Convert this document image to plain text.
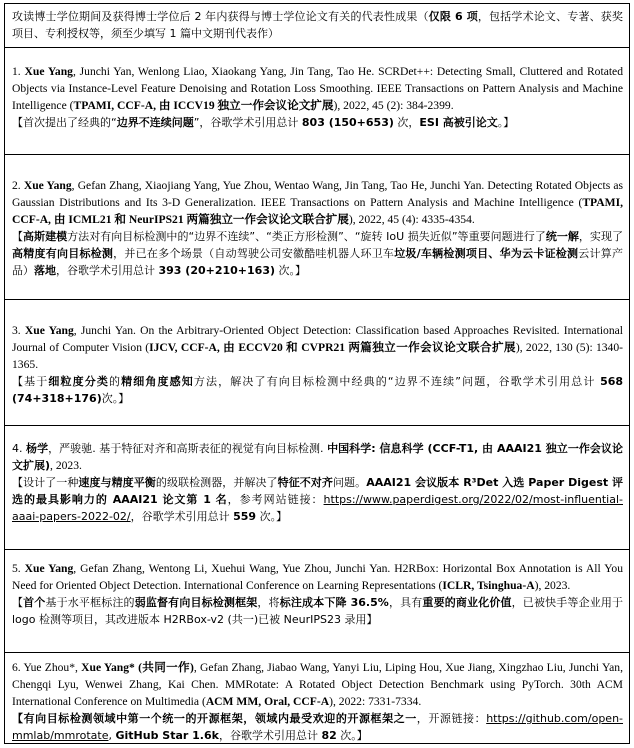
攻读博士学位期间及获得博士学位后 2 年内获得与博士学位论文有关的代表性成果（仅限 6 项，包括学术论文、专著、获奖项目、专利授权等，须至少填写 1 篇中文期刊代表作）
1. Xue Yang, Junchi Yan, Wenlong Liao, Xiaokang Yang, Jin Tang, Tao He. SCRDet++: Detecting Small, Cluttered and Rotated Objects via Instance-Level Feature Denoising and Rotation Loss Smoothing. IEEE Transactions on Pattern Analysis and Machine Intelligence (TPAMI, CCF-A, 由 ICCV19 独立一作会议论文扩展), 2022, 45 (2): 384-2399.
【首次提出了经典的“边界不连续问题”，谷歌学术引用总计 803 (150+653) 次，ESI 高被引论文。】
2. Xue Yang, Gefan Zhang, Xiaojiang Yang, Yue Zhou, Wentao Wang, Jin Tang, Tao He, Junchi Yan. Detecting Rotated Objects as Gaussian Distributions and Its 3-D Generalization. IEEE Transactions on Pattern Analysis and Machine Intelligence (TPAMI, CCF-A, 由 ICML21 和 NeurIPS21 两篇独立一作会议论文联合扩展), 2022, 45 (4): 4335-4354.
【高斯建模方法对有向目标检测中的“边界不连续”、“类正方形检测”、“旋转 IoU 损失近似”等重要问题进行了统一解，实现了高精度有向目标检测，并已在多个场景（自动驾驶公司安徽酷哇机器人环卫车垃圾/车辆检测项目、华为云卡证检测云计算产品）落地，谷歌学术引用总计 393 (20+210+163) 次。】
3. Xue Yang, Junchi Yan. On the Arbitrary-Oriented Object Detection: Classification based Approaches Revisited. International Journal of Computer Vision (IJCV, CCF-A, 由 ECCV20 和 CVPR21 两篇独立一作会议论文联合扩展), 2022, 130 (5): 1340-1365.
【基于细粒度分类的精细角度感知方法，解决了有向目标检测中经典的“边界不连续”问题，谷歌学术引用总计 568 (74+318+176)次。】
4. 杨学，严骏驰. 基于特征对齐和高斯表征的视觉有向目标检测. 中国科学: 信息科学 (CCF-T1, 由 AAAI21 独立一作会议论文扩展), 2023.
【设计了一种速度与精度平衡的级联检测器，并解决了特征不对齐问题。AAAI21 会议版本 R³Det 入选 Paper Digest 评选的最具影响力的 AAAI21 论文第 1 名，参考网站链接：https://www.paperdigest.org/2022/02/most-influential-aaai-papers-2022-02/，谷歌学术引用总计 559 次。】
5. Xue Yang, Gefan Zhang, Wentong Li, Xuehui Wang, Yue Zhou, Junchi Yan. H2RBox: Horizontal Box Annotation is All You Need for Oriented Object Detection. International Conference on Learning Representations (ICLR, Tsinghua-A), 2023.
【首个基于水平框标注的弱监督有向目标检测框架，将标注成本下降 36.5%，具有重要的商业化价值，已被快手等企业用于 logo 检测等项目，其改进版本 H2RBox-v2 (共一)已被 NeurIPS23 录用】
6. Yue Zhou*, Xue Yang* (共同一作), Gefan Zhang, Jiabao Wang, Yanyi Liu, Liping Hou, Xue Jiang, Xingzhao Liu, Junchi Yan, Chengqi Lyu, Wenwei Zhang, Kai Chen. MMRotate: A Rotated Object Detection Benchmark using PyTorch. 30th ACM International Conference on Multimedia (ACM MM, Oral, CCF-A), 2022: 7331-7334.
【有向目标检测领域中第一个统一的开源框架，领域内最受欢迎的开源框架之一，开源链接：https://github.com/open-mmlab/mmrotate, GitHub Star 1.6k，谷歌学术引用总计 82 次。】
